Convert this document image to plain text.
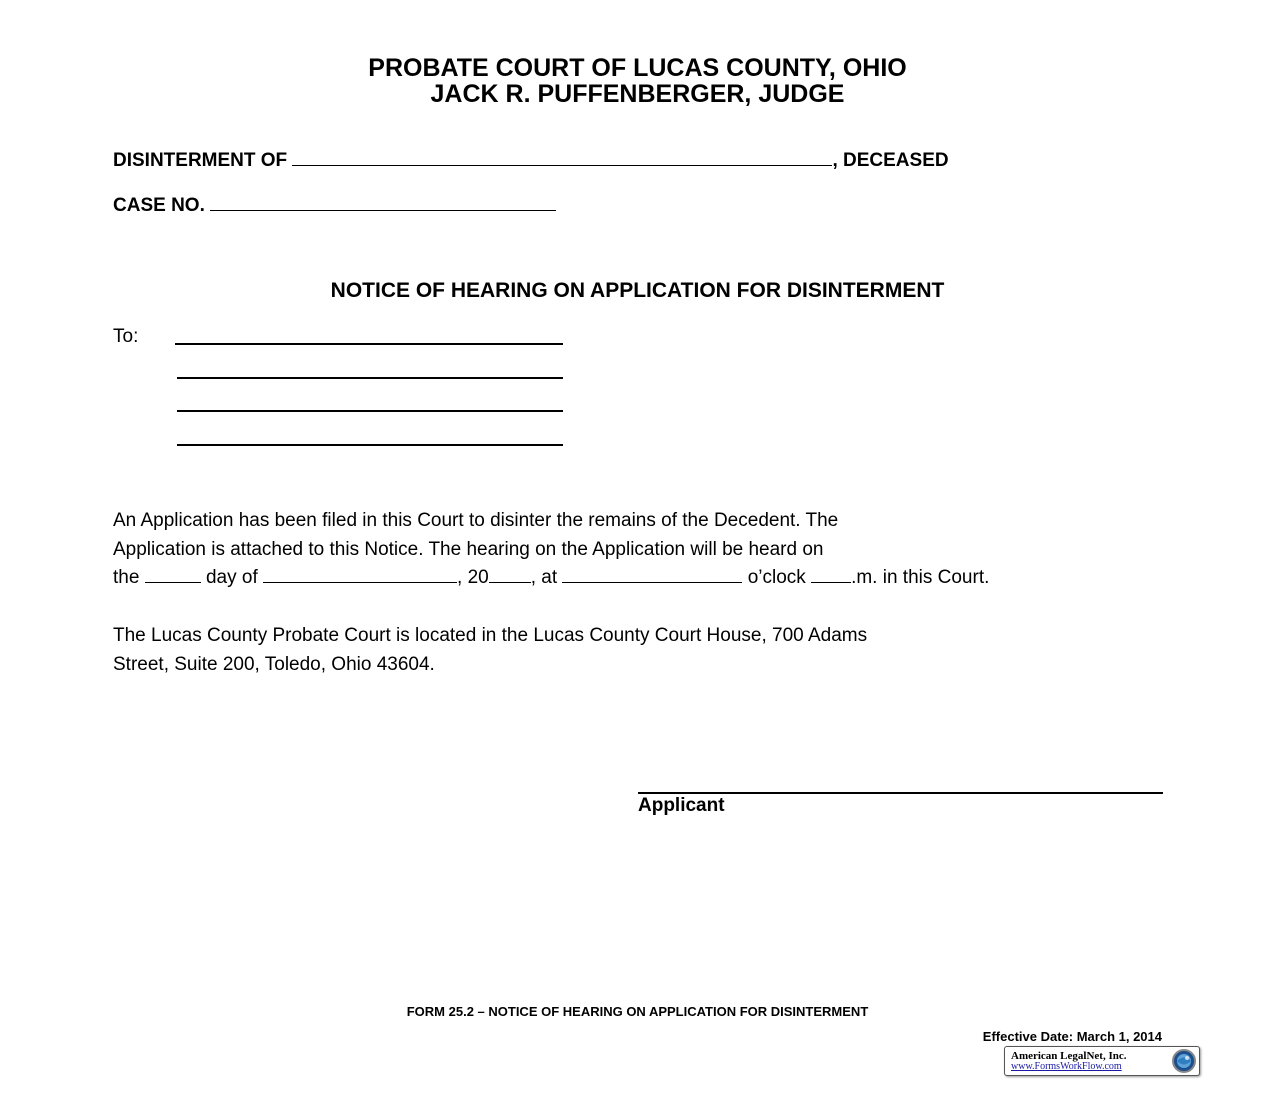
PROBATE COURT OF LUCAS COUNTY, OHIO
JACK R. PUFFENBERGER, JUDGE
DISINTERMENT OF	, DECEASED
CASE NO.
NOTICE OF HEARING ON APPLICATION FOR DISINTERMENT
To:
An Application has been filed in this Court to disinter the remains of the Decedent. The
Application is attached to this Notice. The hearing on the Application will be heard on
the	day of	, 20 , at	o’clock .m. in this Court.
The Lucas County Probate Court is located in the Lucas County Court House, 700 Adams
Street, Suite 200, Toledo, Ohio 43604.
Applicant
FORM 25.2 – NOTICE OF HEARING ON APPLICATION FOR DISINTERMENT
Effective Date: March 1, 2014
American LegalNet, Inc.
www.FormsWorkFlow.com
